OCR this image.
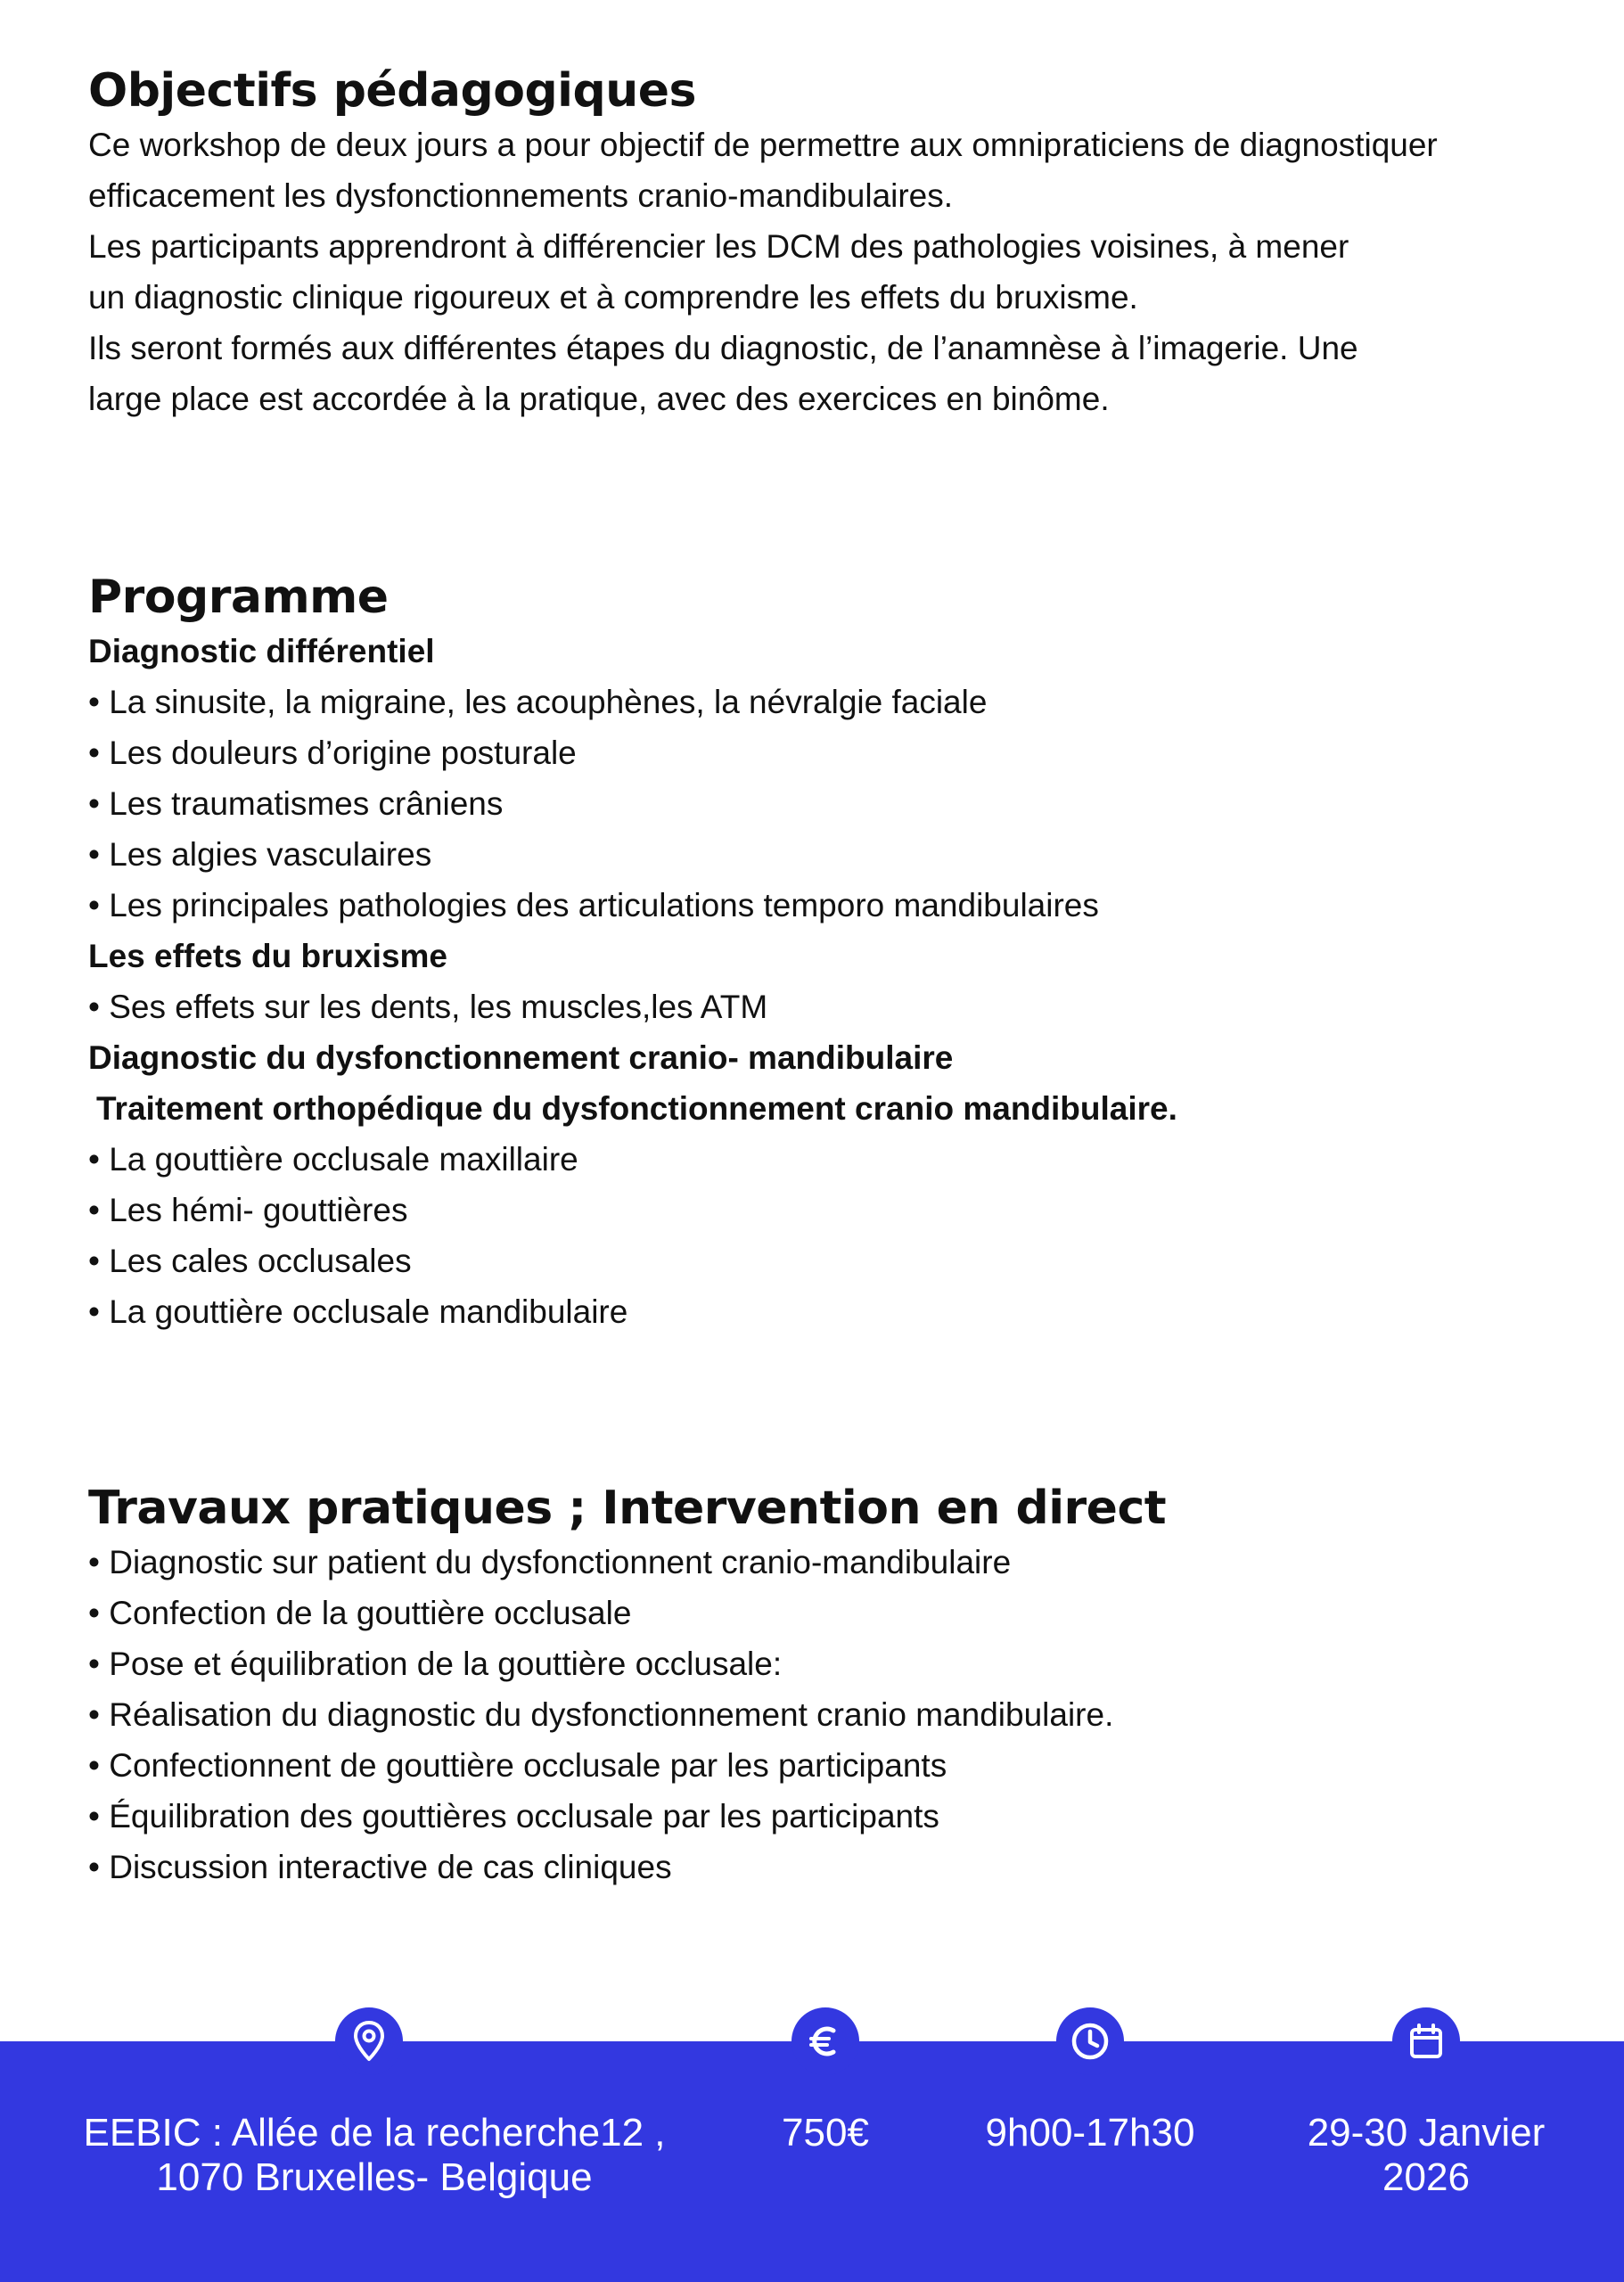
Objectifs pédagogiques

Ce workshop de deux jours a pour objectif de permettre aux omnipraticiens de diagnostiquer

efficacement les dysfonctionnements cranio-mandibulaires.

Les participants apprendront à différencier les DCM des pathologies voisines, à mener

un diagnostic clinique rigoureux et à comprendre les effets du bruxisme.

Ils seront formés aux différentes étapes du diagnostic, de l’anamnèse à l’imagerie. Une

large place est accordée à la pratique, avec des exercices en binôme.

Programme

Diagnostic différentiel

• La sinusite, la migraine, les acouphènes, la névralgie faciale
• Les douleurs d’origine posturale
• Les traumatismes crâniens
• Les algies vasculaires
• Les principales pathologies des articulations temporo mandibulaires

Les effets du bruxisme

• Ses effets sur les dents, les muscles,les ATM

Diagnostic du dysfonctionnement cranio- mandibulaire

Traitement orthopédique du dysfonctionnement cranio mandibulaire.

• La gouttière occlusale maxillaire
• Les hémi- gouttières
• Les cales occlusales
• La gouttière occlusale mandibulaire
Travaux pratiques ; Intervention en direct
• Diagnostic sur patient du dysfonctionnent cranio-mandibulaire
• Confection de la gouttière occlusale
• Pose et équilibration de la gouttière occlusale:
• Réalisation du diagnostic du dysfonctionnement cranio mandibulaire.
• Confectionnent de gouttière occlusale par les participants
• Équilibration des gouttières occlusale par les participants
• Discussion interactive de cas cliniques
EEBIC : Allée de la recherche12 ,
1070 Bruxelles- Belgique
750€	9h00-17h30	29-30 Janvier
2026
